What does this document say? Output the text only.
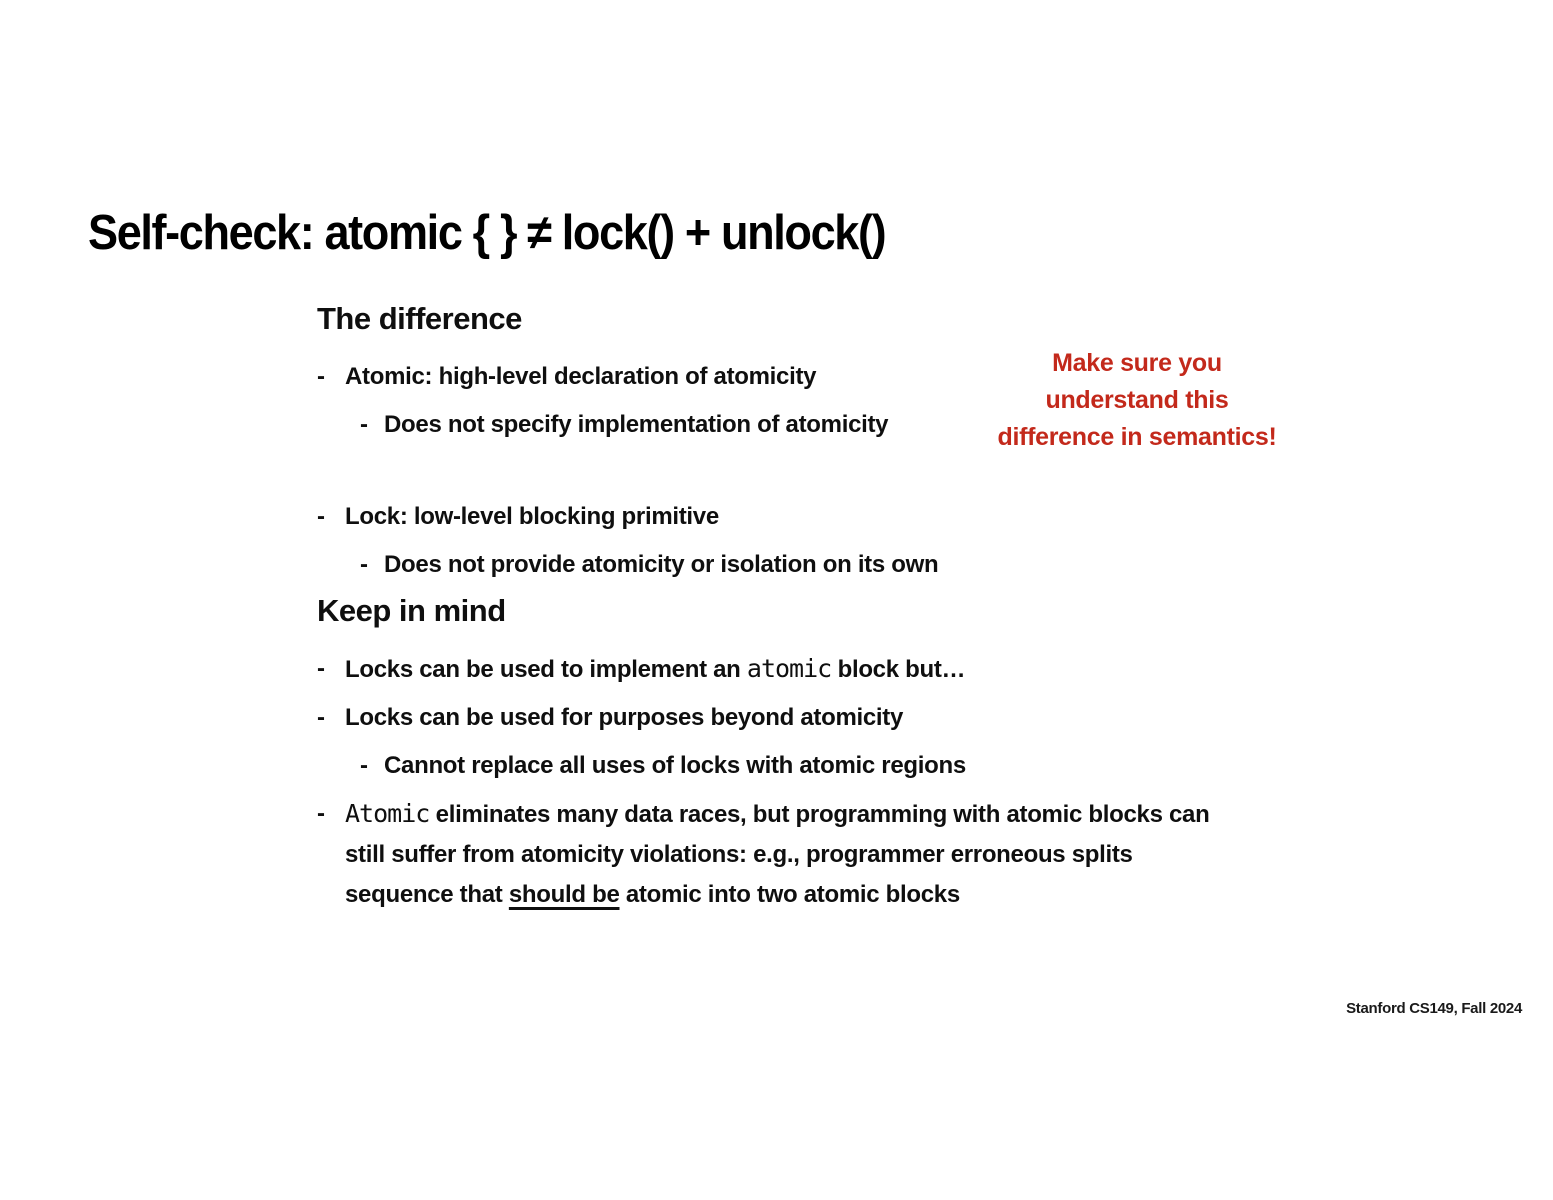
Self-check: atomic { } ≠ lock() + unlock()
Make sure you
understand this
difference in semantics!
The difference
- Atomic: high-level declaration of atomicity
- Does not specify implementation of atomicity
- Lock: low-level blocking primitive
- Does not provide atomicity or isolation on its own
Keep in mind
- Locks can be used to implement an atomic block but…
- Locks can be used for purposes beyond atomicity
- Cannot replace all uses of locks with atomic regions
- Atomic eliminates many data races, but programming with atomic blocks can still suffer from atomicity violations: e.g., programmer erroneous splits sequence that should be atomic into two atomic blocks
Stanford CS149, Fall 2024
